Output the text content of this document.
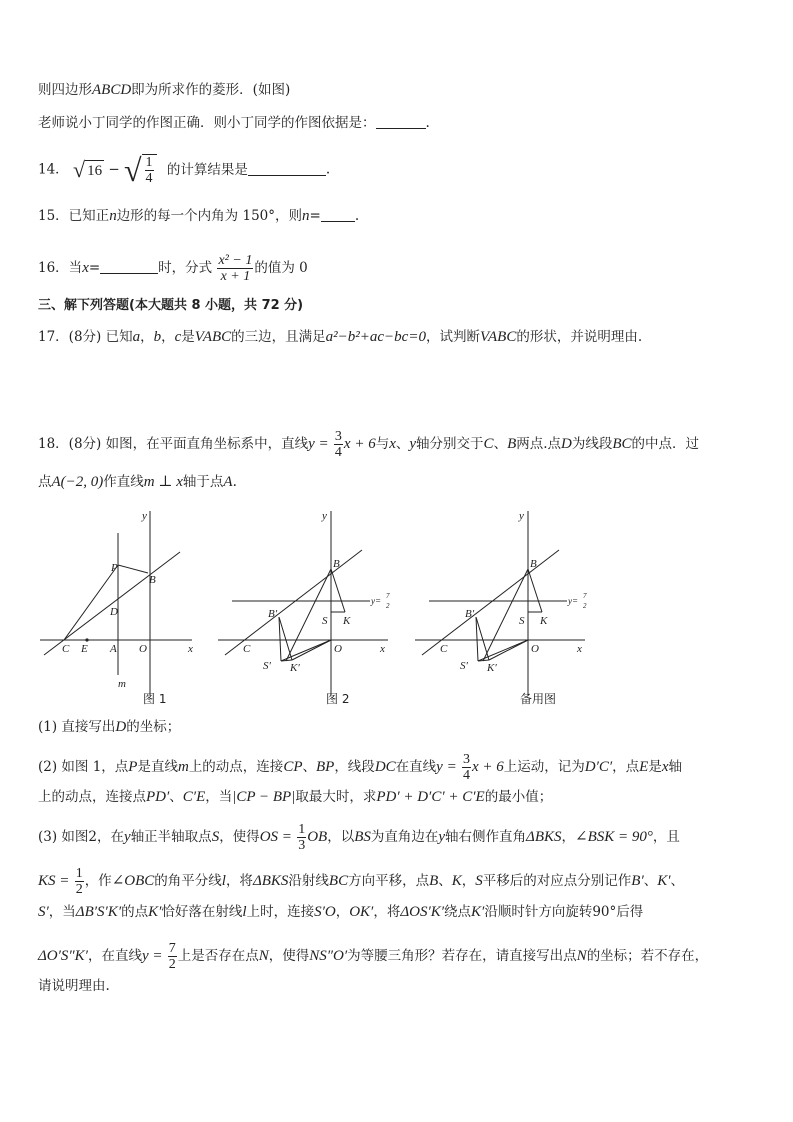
则四边形ABCD即为所求作的菱形．(如图)
老师说小丁同学的作图正确．则小丁同学的作图依据是：	.
14． √ 16 − √ $\frac{1}{4}$ 的计算结果是	.
15．已知正n边形的每一个内角为 150°，则n=	.
16．当x=	时，分式 $\frac{\text{x² − 1}}{x + 1}$ 的值为 0
三、解下列答题(本大题共 8 小题，共 72 分)
17．(8分) 已知a，b，c是VABC的三边，且满足a²−b²+ac−bc=0，试判断VABC的形状，并说明理由.
18．(8分) 如图，在平面直角坐标系中，直线$y = \frac{3}{4}$ x + 6与x、y轴分别交于C、B两点.点D为线段BC的中点．过
点A(−2, 0)作直线m ⊥ x轴于点A.
y
x
P
B
D
C E A O
m
y
x
B
B′
S K
S′ K′
C	O
y= 7
2
y
x
B
B′
S K
S′ K′
C	O
y= 7
2
图 1	图 2	备用图
(1) 直接写出D的坐标；
(2) 如图 1，点P是直线m上的动点，连接CP、BP，线段DC在直线$y = \frac{3}{4}$ x + 6上运动，记为D′C′，点E是x轴
上的动点，连接点PD′、C′E，当|CP − BP|取最大时，求PD′ + D′C′ + C′E的最小值；
(3) 如图2，在y轴正半轴取点S，使得OS = $\frac{1}{3}$ OB，以BS为直角边在y轴右侧作直角ΔBKS，∠BSK = 90°，且
KS = $\frac{1}{2}$ ，作∠OBC的角平分线l，将ΔBKS沿射线BC方向平移，点B、K，S平移后的对应点分别记作B′、K′、
S′，当ΔB′S′K′的点K′恰好落在射线l上时，连接S′O，OK′，将ΔOS′K′绕点K′沿顺时针方向旋转90°后得
ΔO′S″K′，在直线$y = \frac{7}{2}$ 上是否存在点N，使得NS″O′为等腰三角形？若存在，请直接写出点N的坐标；若不存在，
请说明理由.
